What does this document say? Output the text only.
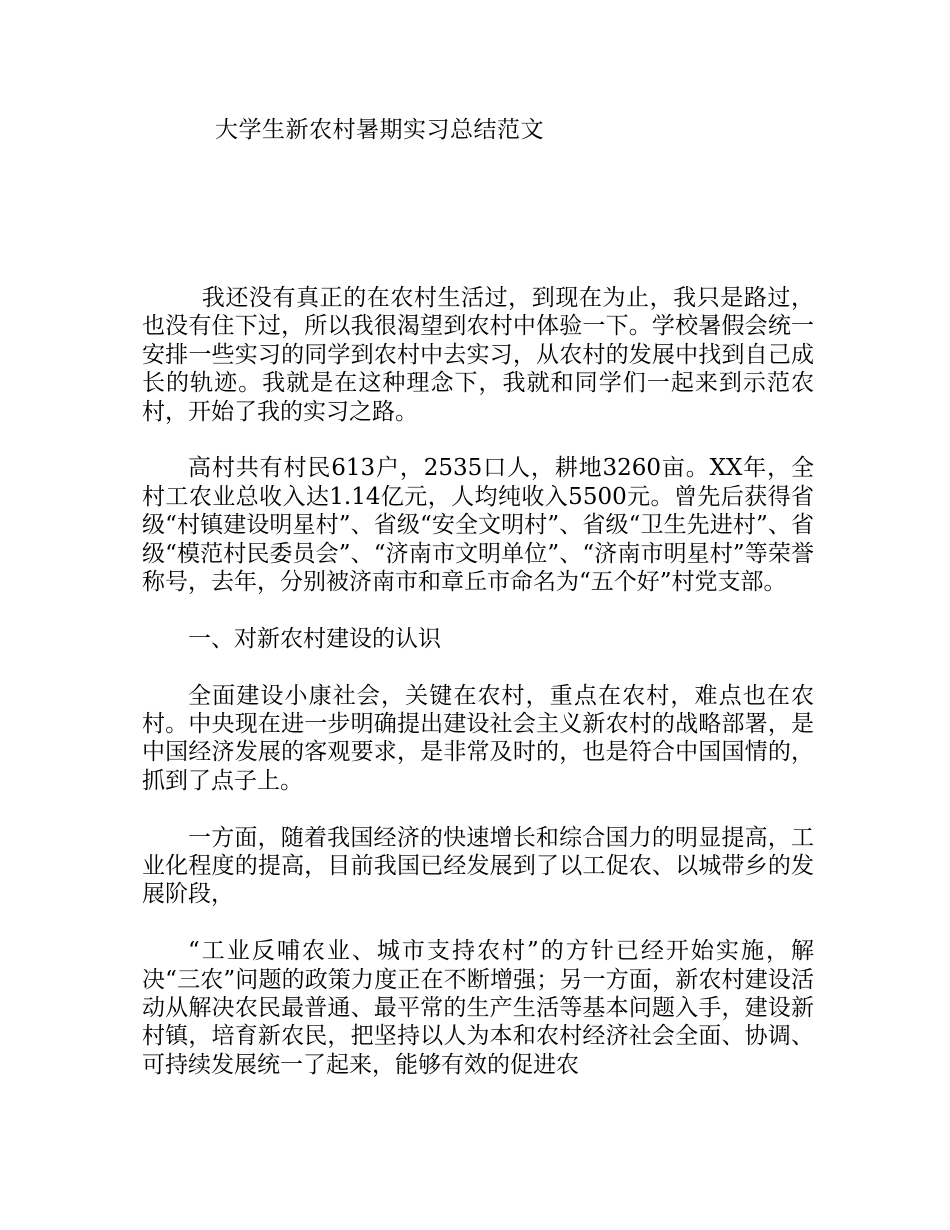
大学生新农村暑期实习总结范文

我还没有真正的在农村生活过，到现在为止，我只是路过，也没有住下过，所以我很渴望到农村中体验一下。学校暑假会统一安排一些实习的同学到农村中去实习，从农村的发展中找到自己成长的轨迹。我就是在这种理念下，我就和同学们一起来到示范农村，开始了我的实习之路。

高村共有村民613户，2535口人，耕地3260亩。XX年，全村工农业总收入达1.14亿元，人均纯收入5500元。曾先后获得省级“村镇建设明星村”、省级“安全文明村”、省级“卫生先进村”、省级“模范村民委员会”、“济南市文明单位”、“济南市明星村”等荣誉称号，去年，分别被济南市和章丘市命名为“五个好”村党支部。

一、对新农村建设的认识

全面建设小康社会，关键在农村，重点在农村，难点也在农村。中央现在进一步明确提出建设社会主义新农村的战略部署，是中国经济发展的客观要求，是非常及时的，也是符合中国国情的，抓到了点子上。

一方面，随着我国经济的快速增长和综合国力的明显提高，工业化程度的提高，目前我国已经发展到了以工促农、以城带乡的发展阶段，

“工业反哺农业、城市支持农村”的方针已经开始实施，解决“三农”问题的政策力度正在不断增强；另一方面，新农村建设活动从解决农民最普通、最平常的生产生活等基本问题入手，建设新村镇，培育新农民，把坚持以人为本和农村经济社会全面、协调、可持续发展统一了起来，能够有效的促进农
